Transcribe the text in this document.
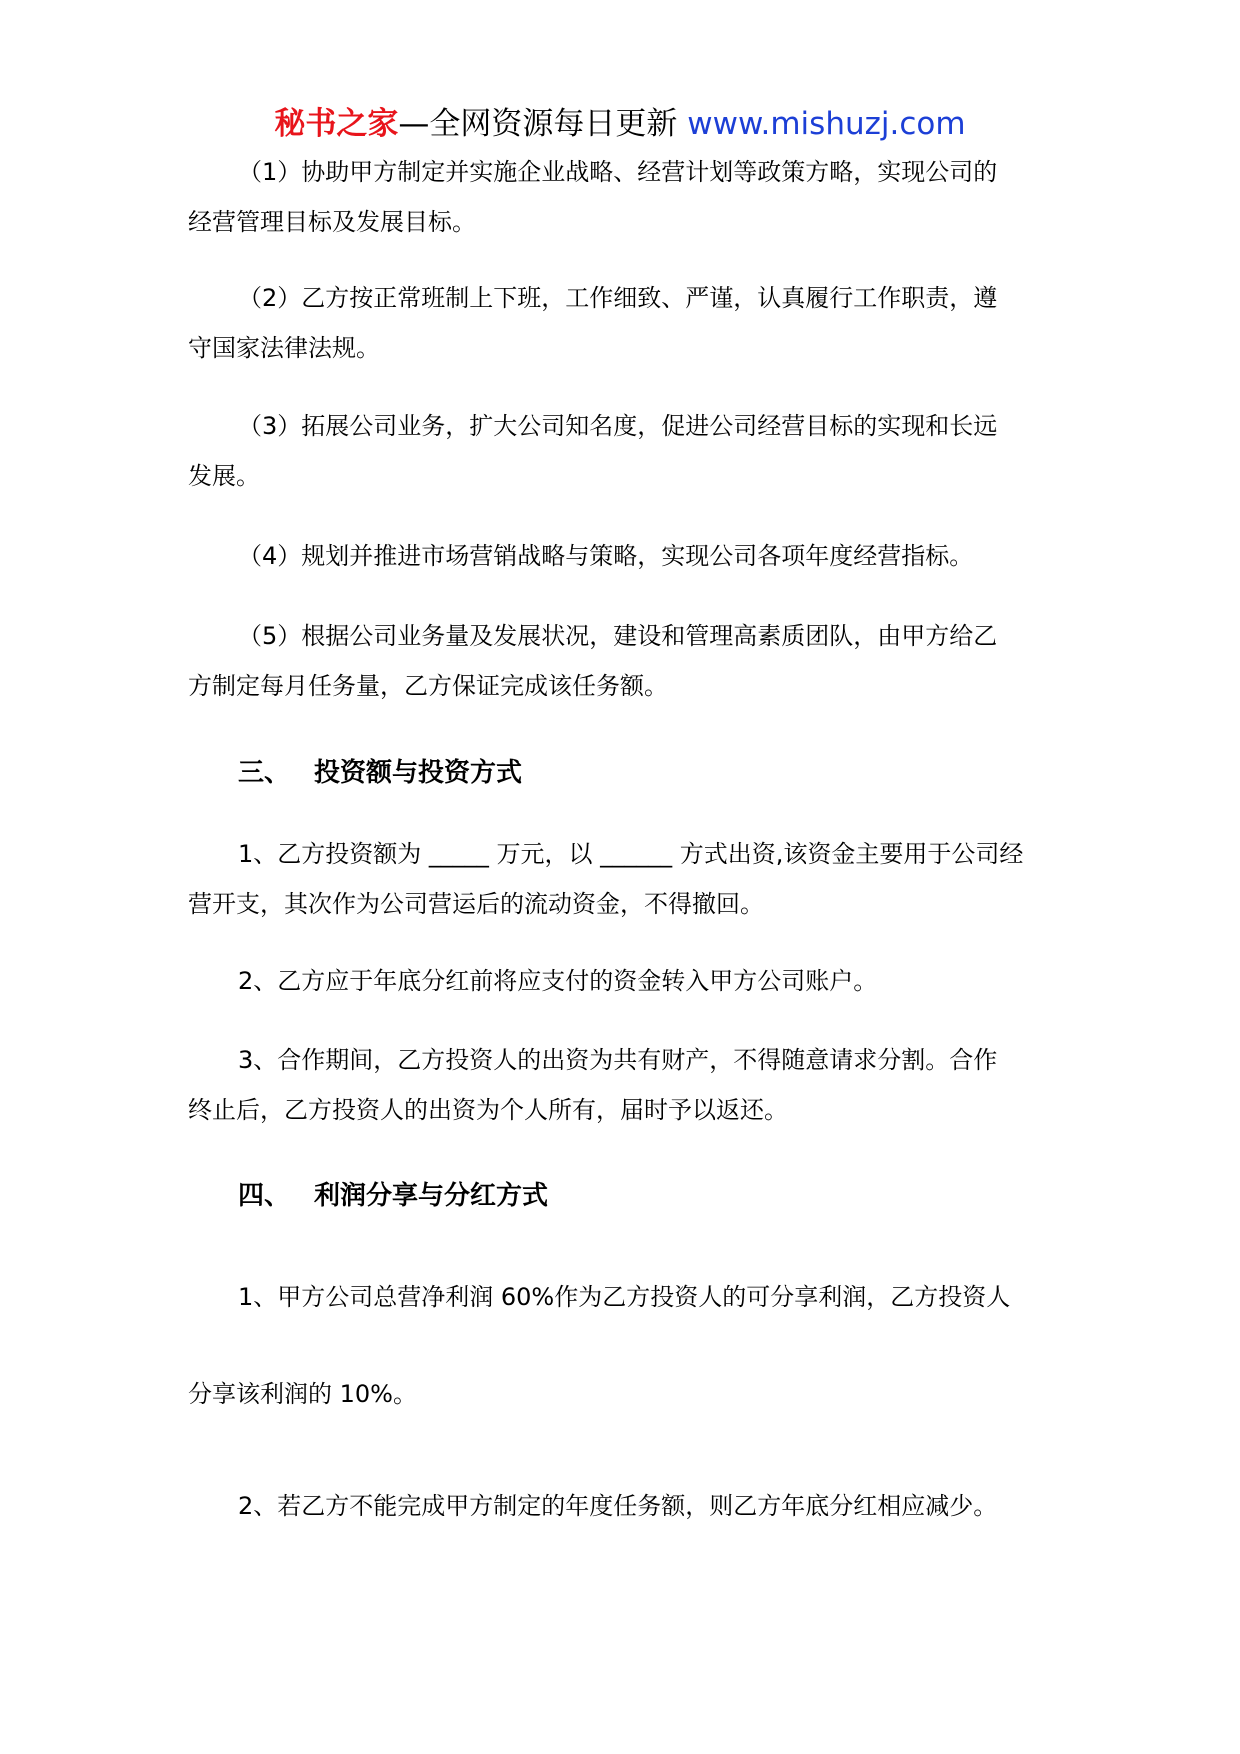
秘书之家—全网资源每日更新 www.mishuzj.com

（1）协助甲方制定并实施企业战略、经营计划等政策方略，实现公司的
经营管理目标及发展目标。

（2）乙方按正常班制上下班，工作细致、严谨，认真履行工作职责，遵
守国家法律法规。

（3）拓展公司业务，扩大公司知名度，促进公司经营目标的实现和长远
发展。

（4）规划并推进市场营销战略与策略，实现公司各项年度经营指标。

（5）根据公司业务量及发展状况，建设和管理高素质团队，由甲方给乙
方制定每月任务量，乙方保证完成该任务额。

三、 投资额与投资方式

1、乙方投资额为 _____ 万元，以 ______ 方式出资,该资金主要用于公司经
营开支，其次作为公司营运后的流动资金，不得撤回。

2、乙方应于年底分红前将应支付的资金转入甲方公司账户。

3、合作期间，乙方投资人的出资为共有财产，不得随意请求分割。合作
终止后，乙方投资人的出资为个人所有，届时予以返还。

四、 利润分享与分红方式

1、甲方公司总营净利润 60%作为乙方投资人的可分享利润，乙方投资人

分享该利润的 10%。

2、若乙方不能完成甲方制定的年度任务额，则乙方年底分红相应减少。
